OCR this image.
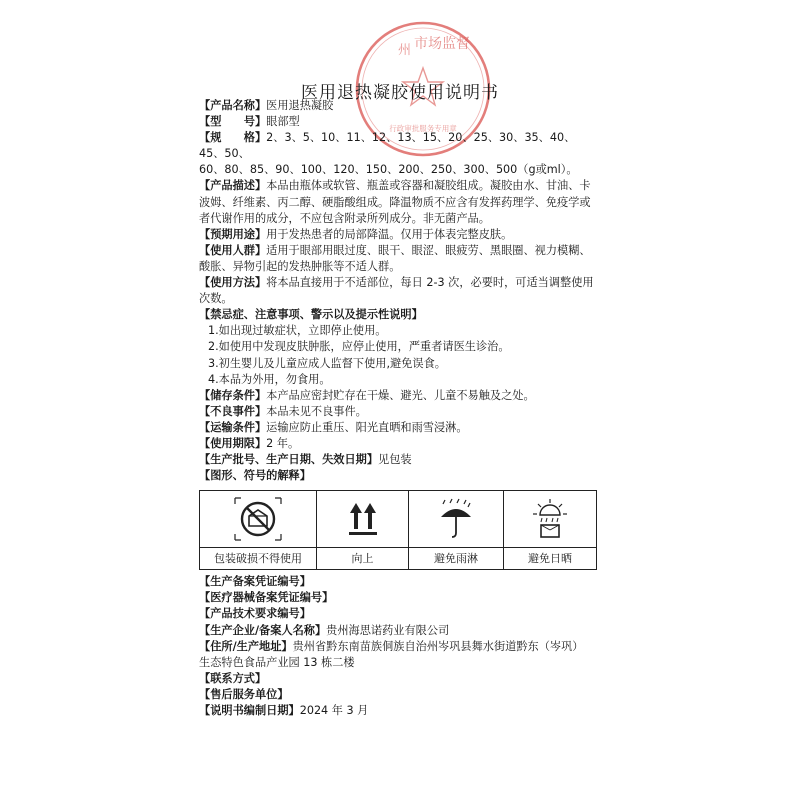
州 市场监督
行政审批服务专用章
医用退热凝胶使用说明书
【产品名称】医用退热凝胶
【型　　号】眼部型
【规　　格】2、3、5、10、11、12、13、15、20、25、30、35、40、45、50、
60、80、85、90、100、120、150、200、250、300、500（g或ml）。
【产品描述】本品由瓶体或软管、瓶盖或容器和凝胶组成。凝胶由水、甘油、卡
波姆、纤维素、丙二醇、硬脂酸组成。降温物质不应含有发挥药理学、免疫学或
者代谢作用的成分，不应包含附录所列成分。非无菌产品。
【预期用途】用于发热患者的局部降温。仅用于体表完整皮肤。
【使用人群】适用于眼部用眼过度、眼干、眼涩、眼疲劳、黑眼圈、视力模糊、
酸胀、异物引起的发热肿胀等不适人群。
【使用方法】将本品直接用于不适部位，每日 2-3 次，必要时，可适当调整使用
次数。
【禁忌症、注意事项、警示以及提示性说明】
1.如出现过敏症状，立即停止使用。
2.如使用中发现皮肤肿胀，应停止使用，严重者请医生诊治。
3.初生婴儿及儿童应成人监督下使用,避免误食。
4.本品为外用，勿食用。
【储存条件】本产品应密封贮存在干燥、避光、儿童不易触及之处。
【不良事件】本品未见不良事件。
【运输条件】运输应防止重压、阳光直晒和雨雪浸淋。
【使用期限】2 年。
【生产批号、生产日期、失效日期】见包装
【图形、符号的解释】
包装破损不得使用	向上	避免雨淋	避免日晒
【生产备案凭证编号】
【医疗器械备案凭证编号】
【产品技术要求编号】
【生产企业/备案人名称】贵州海思诺药业有限公司
【住所/生产地址】贵州省黔东南苗族侗族自治州岑巩县舞水街道黔东（岑巩）
生态特色食品产业园 13 栋二楼
【联系方式】
【售后服务单位】
【说明书编制日期】2024 年 3 月
